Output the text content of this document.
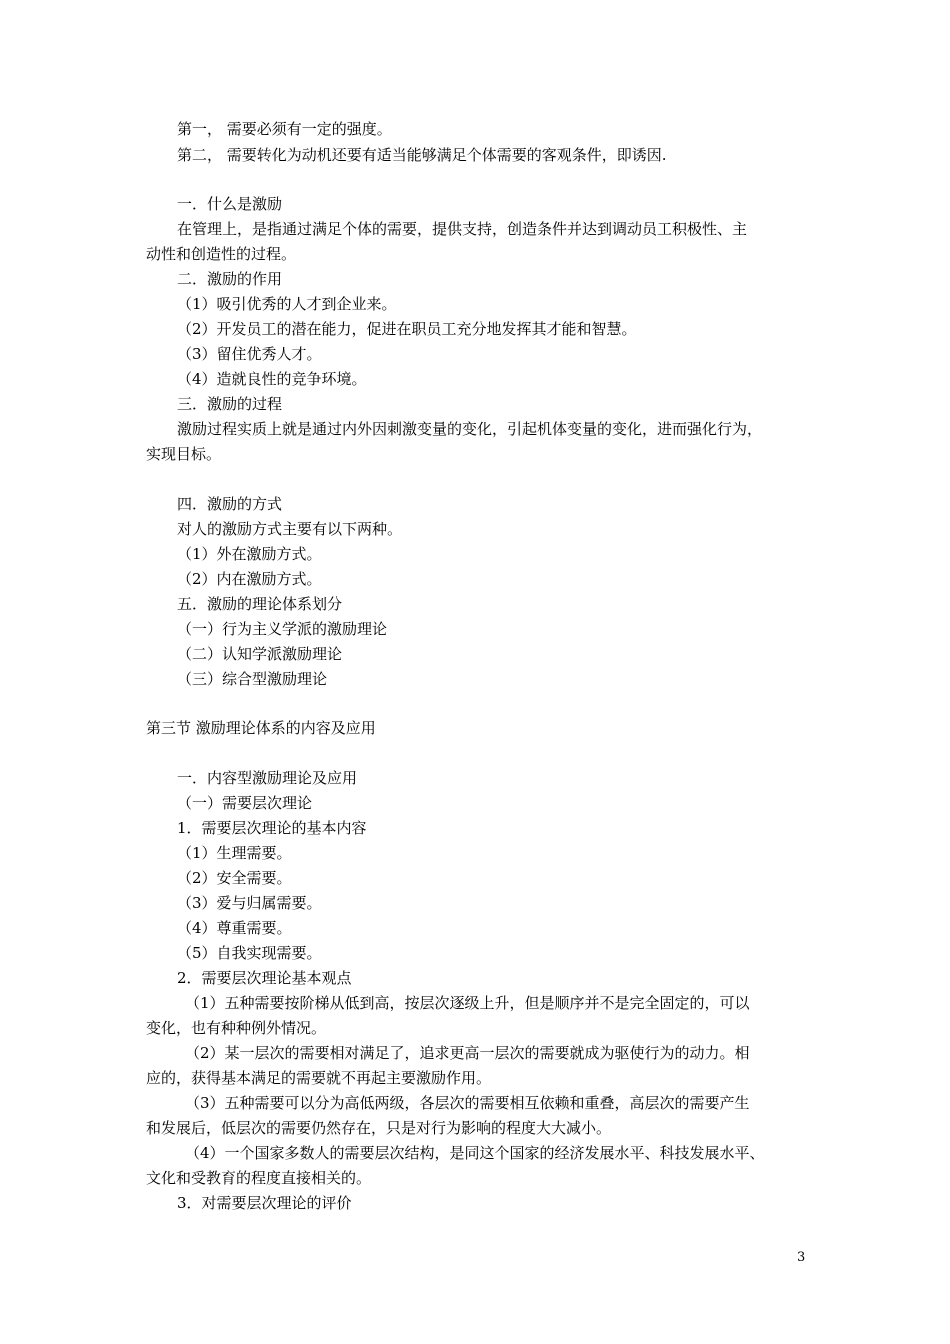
第一， 需要必须有一定的强度。
第二， 需要转化为动机还要有适当能够满足个体需要的客观条件，即诱因.
一．什么是激励
在管理上，是指通过满足个体的需要，提供支持，创造条件并达到调动员工积极性、主
动性和创造性的过程。
二．激励的作用
（1）吸引优秀的人才到企业来。
（2）开发员工的潜在能力，促进在职员工充分地发挥其才能和智慧。
（3）留住优秀人才。
（4）造就良性的竞争环境。
三．激励的过程
激励过程实质上就是通过内外因刺激变量的变化，引起机体变量的变化，进而强化行为，
实现目标。
四．激励的方式
对人的激励方式主要有以下两种。
（1）外在激励方式。
（2）内在激励方式。
五．激励的理论体系划分
（一）行为主义学派的激励理论
（二）认知学派激励理论
（三）综合型激励理论
第三节 激励理论体系的内容及应用
一．内容型激励理论及应用
（一）需要层次理论
1．需要层次理论的基本内容
（1）生理需要。
（2）安全需要。
（3）爱与归属需要。
（4）尊重需要。
（5）自我实现需要。
2．需要层次理论基本观点
（1）五种需要按阶梯从低到高，按层次逐级上升，但是顺序并不是完全固定的，可以
变化，也有种种例外情况。
（2）某一层次的需要相对满足了，追求更高一层次的需要就成为驱使行为的动力。相
应的，获得基本满足的需要就不再起主要激励作用。
（3）五种需要可以分为高低两级，各层次的需要相互依赖和重叠，高层次的需要产生
和发展后，低层次的需要仍然存在，只是对行为影响的程度大大减小。
（4）一个国家多数人的需要层次结构，是同这个国家的经济发展水平、科技发展水平、
文化和受教育的程度直接相关的。
3．对需要层次理论的评价
3
